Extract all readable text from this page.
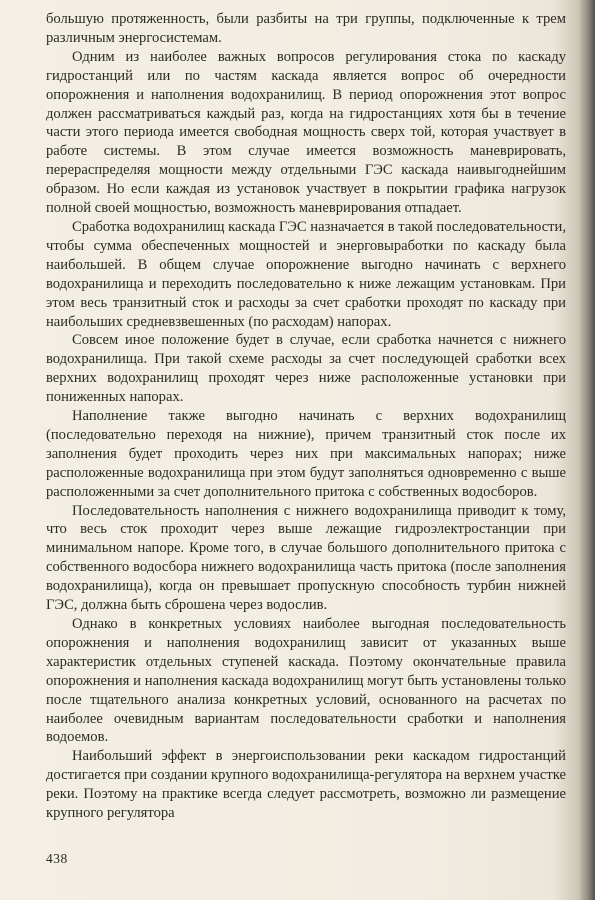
большую протяженность, были разбиты на три группы, подключенные к трем различным энергосистемам.

Одним из наиболее важных вопросов регулирования стока по каскаду гидростанций или по частям каскада является вопрос об очередности опорожнения и наполнения водохранилищ. В период опорожнения этот вопрос должен рассматриваться каждый раз, когда на гидростанциях хотя бы в течение части этого периода имеется свободная мощность сверх той, которая участвует в работе системы. В этом случае имеется возможность маневрировать, перераспределяя мощности между отдельными ГЭС каскада наивыгоднейшим образом. Но если каждая из установок участвует в покрытии графика нагрузок полной своей мощностью, возможность маневрирования отпадает.

Сработка водохранилищ каскада ГЭС назначается в такой последовательности, чтобы сумма обеспеченных мощностей и энерговыработки по каскаду была наибольшей. В общем случае опорожнение выгодно начинать с верхнего водохранилища и переходить последовательно к ниже лежащим установкам. При этом весь транзитный сток и расходы за счет сработки проходят по каскаду при наибольших средневзвешенных (по расходам) напорах.

Совсем иное положение будет в случае, если сработка начнется с нижнего водохранилища. При такой схеме расходы за счет последующей сработки всех верхних водохранилищ проходят через ниже расположенные установки при пониженных напорах.

Наполнение также выгодно начинать с верхних водохранилищ (последовательно переходя на нижние), причем транзитный сток после их заполнения будет проходить через них при максимальных напорах; ниже расположенные водохранилища при этом будут заполняться одновременно с выше расположенными за счет дополнительного притока с собственных водосборов.

Последовательность наполнения с нижнего водохранилища приводит к тому, что весь сток проходит через выше лежащие гидроэлектростанции при минимальном напоре. Кроме того, в случае большого дополнительного притока с собственного водосбора нижнего водохранилища часть притока (после заполнения водохранилища), когда он превышает пропускную способность турбин нижней ГЭС, должна быть сброшена через водослив.

Однако в конкретных условиях наиболее выгодная последовательность опорожнения и наполнения водохранилищ зависит от указанных выше характеристик отдельных ступеней каскада. Поэтому окончательные правила опорожнения и наполнения каскада водохранилищ могут быть установлены только после тщательного анализа конкретных условий, основанного на расчетах по наиболее очевидным вариантам последовательности сработки и наполнения водоемов.

Наибольший эффект в энергоиспользовании реки каскадом гидростанций достигается при создании крупного водохранилища-регулятора на верхнем участке реки. Поэтому на практике всегда следует рассмотреть, возможно ли размещение крупного регулятора

438
